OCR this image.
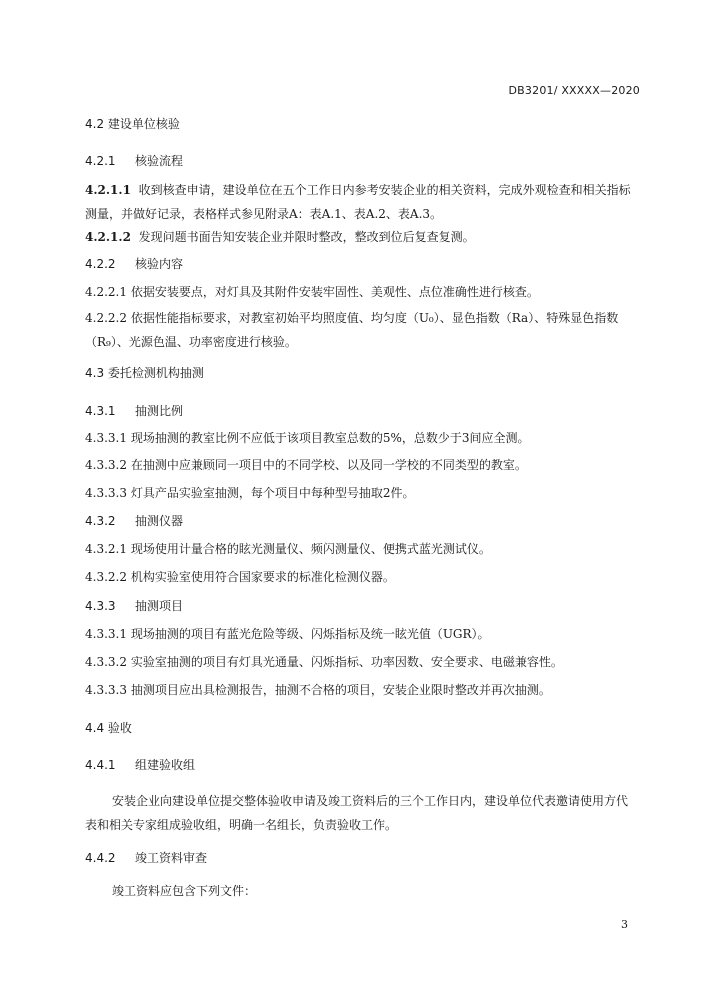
DB3201/ XXXXX—2020
4.2 建设单位核验
4.2.1 核验流程
4.2.1.1 收到核查申请，建设单位在五个工作日内参考安装企业的相关资料，完成外观检查和相关指标测量，并做好记录，表格样式参见附录A：表A.1、表A.2、表A.3。
4.2.1.2 发现问题书面告知安装企业并限时整改，整改到位后复查复测。
4.2.2 核验内容
4.2.2.1 依据安装要点，对灯具及其附件安装牢固性、美观性、点位准确性进行核查。
4.2.2.2 依据性能指标要求，对教室初始平均照度值、均匀度（U₀）、显色指数（Ra）、特殊显色指数（R₉）、光源色温、功率密度进行核验。
4.3 委托检测机构抽测
4.3.1 抽测比例
4.3.3.1 现场抽测的教室比例不应低于该项目教室总数的5%，总数少于3间应全测。
4.3.3.2 在抽测中应兼顾同一项目中的不同学校、以及同一学校的不同类型的教室。
4.3.3.3 灯具产品实验室抽测，每个项目中每种型号抽取2件。
4.3.2 抽测仪器
4.3.2.1 现场使用计量合格的眩光测量仪、频闪测量仪、便携式蓝光测试仪。
4.3.2.2 机构实验室使用符合国家要求的标准化检测仪器。
4.3.3 抽测项目
4.3.3.1 现场抽测的项目有蓝光危险等级、闪烁指标及统一眩光值（UGR）。
4.3.3.2 实验室抽测的项目有灯具光通量、闪烁指标、功率因数、安全要求、电磁兼容性。
4.3.3.3 抽测项目应出具检测报告，抽测不合格的项目，安装企业限时整改并再次抽测。
4.4 验收
4.4.1 组建验收组
安装企业向建设单位提交整体验收申请及竣工资料后的三个工作日内，建设单位代表邀请使用方代表和相关专家组成验收组，明确一名组长，负责验收工作。
4.4.2 竣工资料审查
竣工资料应包含下列文件：
3
